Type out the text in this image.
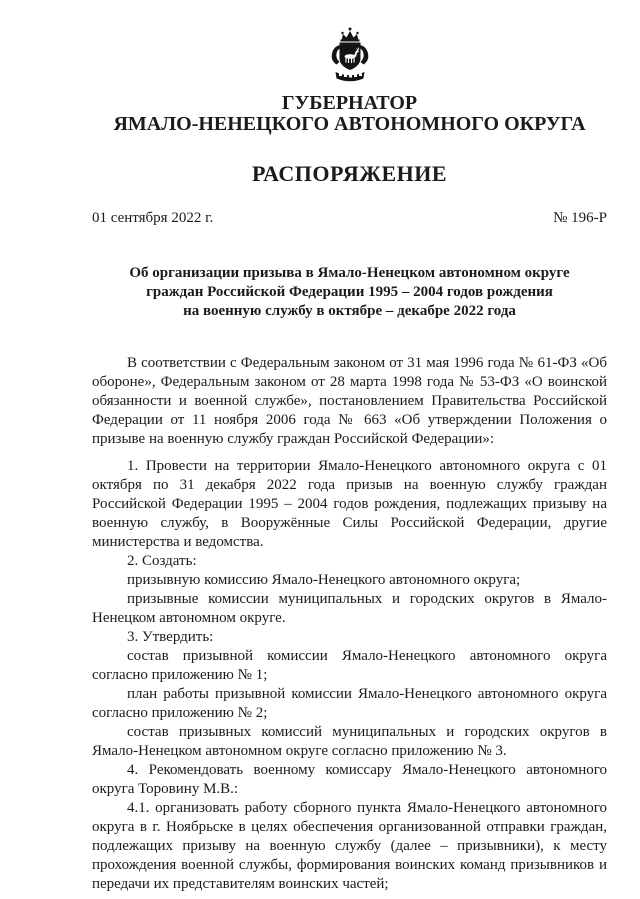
ГУБЕРНАТОР
ЯМАЛО-НЕНЕЦКОГО АВТОНОМНОГО ОКРУГА
РАСПОРЯЖЕНИЕ
01 сентября 2022 г.	№ 196-Р
Об организации призыва в Ямало-Ненецком автономном округе
граждан Российской Федерации 1995 – 2004 годов рождения
на военную службу в октябре – декабре 2022 года

В соответствии с Федеральным законом от 31 мая 1996 года № 61-ФЗ «Об обороне», Федеральным законом от 28 марта 1998 года № 53-ФЗ «О воинской обязанности и военной службе», постановлением Правительства Российской Федерации от 11 ноября 2006 года № 663 «Об утверждении Положения о призыве на военную службу граждан Российской Федерации»:

1. Провести на территории Ямало-Ненецкого автономного округа с 01 октября по 31 декабря 2022 года призыв на военную службу граждан Российской Федерации 1995 – 2004 годов рождения, подлежащих призыву на военную службу, в Вооружённые Силы Российской Федерации, другие министерства и ведомства.

2. Создать:

призывную комиссию Ямало-Ненецкого автономного округа;

призывные комиссии муниципальных и городских округов в Ямало-Ненецком автономном округе.

3. Утвердить:

состав призывной комиссии Ямало-Ненецкого автономного округа согласно приложению № 1;

план работы призывной комиссии Ямало-Ненецкого автономного округа согласно приложению № 2;

состав призывных комиссий муниципальных и городских округов в Ямало-Ненецком автономном округе согласно приложению № 3.

4. Рекомендовать военному комиссару Ямало-Ненецкого автономного округа Торовину М.В.:

4.1. организовать работу сборного пункта Ямало-Ненецкого автономного округа в г. Ноябрьске в целях обеспечения организованной отправки граждан, подлежащих призыву на военную службу (далее – призывники), к месту прохождения военной службы, формирования воинских команд призывников и передачи их представителям воинских частей;
